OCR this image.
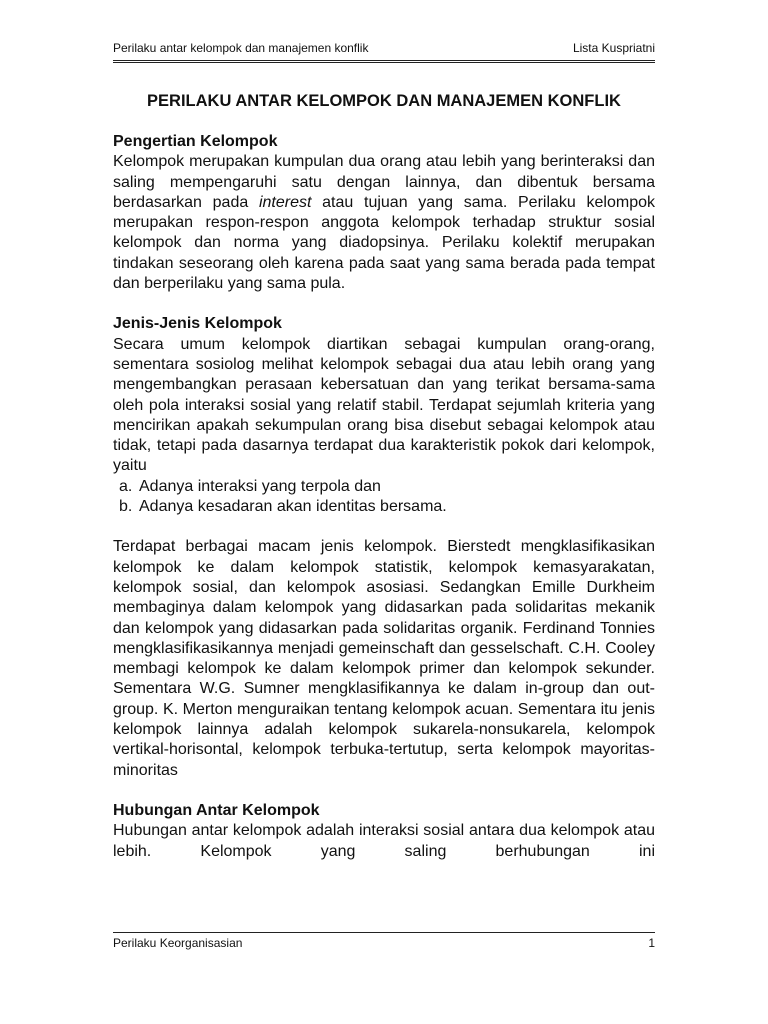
Perilaku antar kelompok dan manajemen konflik	Lista Kuspriatni
PERILAKU ANTAR KELOMPOK DAN MANAJEMEN KONFLIK
Pengertian Kelompok

Kelompok merupakan kumpulan dua orang atau lebih yang berinteraksi dan saling mempengaruhi satu dengan lainnya, dan dibentuk bersama berdasarkan pada interest atau tujuan yang sama. Perilaku kelompok merupakan respon-respon anggota kelompok terhadap struktur sosial kelompok dan norma yang diadopsinya. Perilaku kolektif merupakan tindakan seseorang oleh karena pada saat yang sama berada pada tempat dan berperilaku yang sama pula.

Jenis-Jenis Kelompok

Secara umum kelompok diartikan sebagai kumpulan orang-orang, sementara sosiolog melihat kelompok sebagai dua atau lebih orang yang mengembangkan perasaan kebersatuan dan yang terikat bersama-sama oleh pola interaksi sosial yang relatif stabil. Terdapat sejumlah kriteria yang mencirikan apakah sekumpulan orang bisa disebut sebagai kelompok atau tidak, tetapi pada dasarnya terdapat dua karakteristik pokok dari kelompok, yaitu

a. Adanya interaksi yang terpola dan
b. Adanya kesadaran akan identitas bersama.

Terdapat berbagai macam jenis kelompok. Bierstedt mengklasifikasikan kelompok ke dalam kelompok statistik, kelompok kemasyarakatan, kelompok sosial, dan kelompok asosiasi. Sedangkan Emille Durkheim membaginya dalam kelompok yang didasarkan pada solidaritas mekanik dan kelompok yang didasarkan pada solidaritas organik. Ferdinand Tonnies mengklasifikasikannya menjadi gemeinschaft dan gesselschaft. C.H. Cooley membagi kelompok ke dalam kelompok primer dan kelompok sekunder. Sementara W.G. Sumner mengklasifikannya ke dalam in-group dan out-group. K. Merton menguraikan tentang kelompok acuan. Sementara itu jenis kelompok lainnya adalah kelompok sukarela-nonsukarela, kelompok vertikal-horisontal, kelompok terbuka-tertutup, serta kelompok mayoritas-minoritas

Hubungan Antar Kelompok

Hubungan antar kelompok adalah interaksi sosial antara dua kelompok atau lebih. Kelompok yang saling berhubungan ini

Perilaku Keorganisasian	1
